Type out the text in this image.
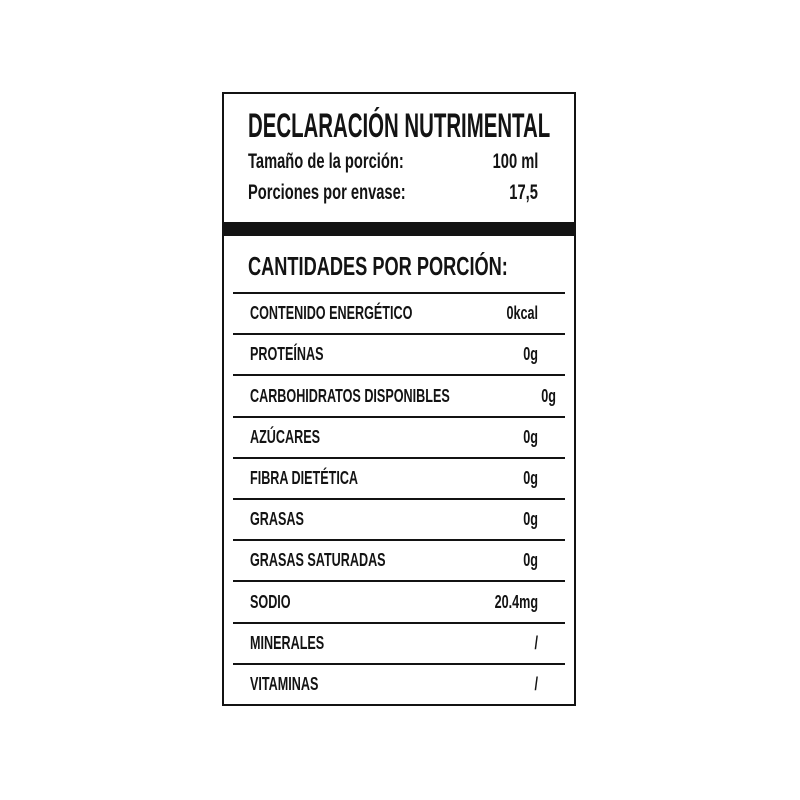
DECLARACIÓN NUTRIMENTAL
Tamaño de la porción:	100 ml
Porciones por envase:	17,5
CANTIDADES POR PORCIÓN:
CONTENIDO ENERGÉTICO	0kcal
PROTEÍNAS	0g
CARBOHIDRATOS DISPONIBLES	0g
AZÚCARES	0g
FIBRA DIETÉTICA	0g
GRASAS	0g
GRASAS SATURADAS	0g
SODIO	20.4mg
MINERALES	/
VITAMINAS	/
